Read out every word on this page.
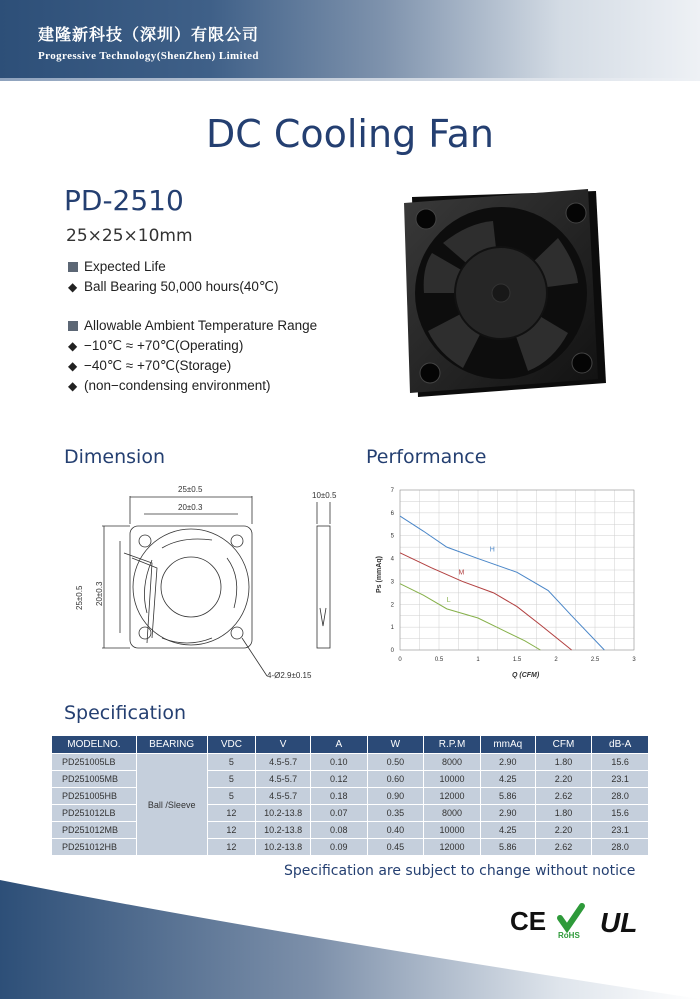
建隆新科技（深圳）有限公司
Progressive Technology(ShenZhen) Limited
DC Cooling Fan
PD-2510
25×25×10mm
Expected Life
◆ Ball Bearing 50,000 hours(40℃)
Allowable Ambient Temperature Range
◆ −10℃ ≈ +70℃(Operating)
◆ −40℃ ≈ +70℃(Storage)
◆ (non−condensing environment)
Dimension	Performance
25±0.5
20±0.3
25±0.5 20±0.3
10±0.5
4-Ø2.9±0.15
0	0.5	1	1.5	2	2.5	3
0
1
2
3
4
5
6
7
H
M
L
Q (CFM)
Ps (mmAq)
Specification
MODELNO.	BEARING	VDC	V	A	W	R.P.M	mmAq	CFM	dB-A
PD251005LB	Ball /Sleeve	5	4.5-5.7	0.10	0.50	8000	2.90	1.80	15.6
PD251005MB		5	4.5-5.7	0.12	0.60	10000	4.25	2.20	23.1
PD251005HB		5	4.5-5.7	0.18	0.90	12000	5.86	2.62	28.0
PD251012LB		12	10.2-13.8	0.07	0.35	8000	2.90	1.80	15.6
PD251012MB		12	10.2-13.8	0.08	0.40	10000	4.25	2.20	23.1
PD251012HB		12	10.2-13.8	0.09	0.45	12000	5.86	2.62	28.0
Specification are subject to change without notice
CE RoHS UL
